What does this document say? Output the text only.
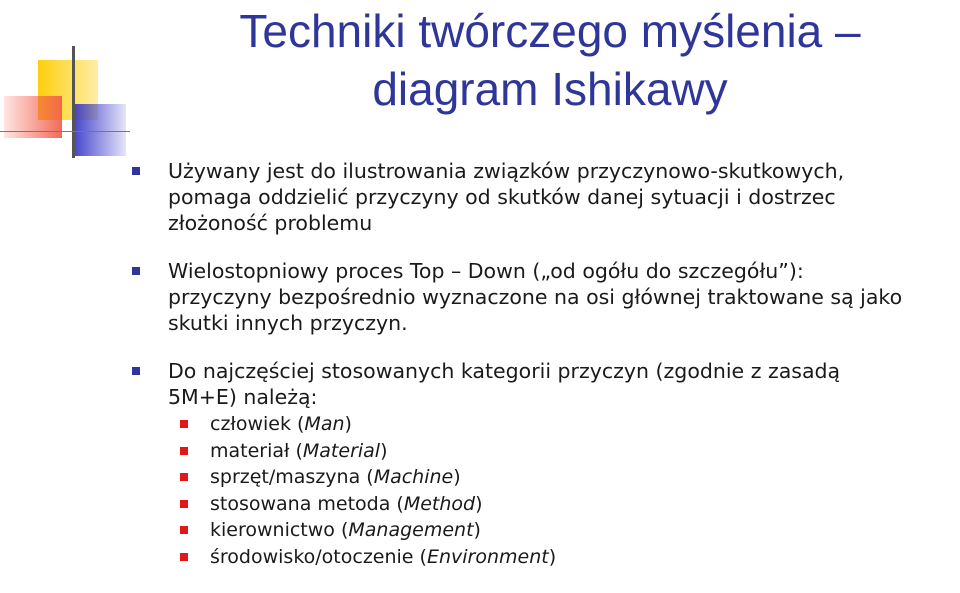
Techniki twórczego myślenia –
diagram Ishikawy

Używany jest do ilustrowania związków przyczynowo-skutkowych,

pomaga oddzielić przyczyny od skutków danej sytuacji i dostrzec

złożoność problemu

Wielostopniowy proces Top – Down („od ogółu do szczegółu”):

przyczyny bezpośrednio wyznaczone na osi głównej traktowane są jako

skutki innych przyczyn.

Do najczęściej stosowanych kategorii przyczyn (zgodnie z zasadą

5M+E) należą:

człowiek (Man)
materiał (Material)
sprzęt/maszyna (Machine)
stosowana metoda (Method)
kierownictwo (Management)
środowisko/otoczenie (Environment)
